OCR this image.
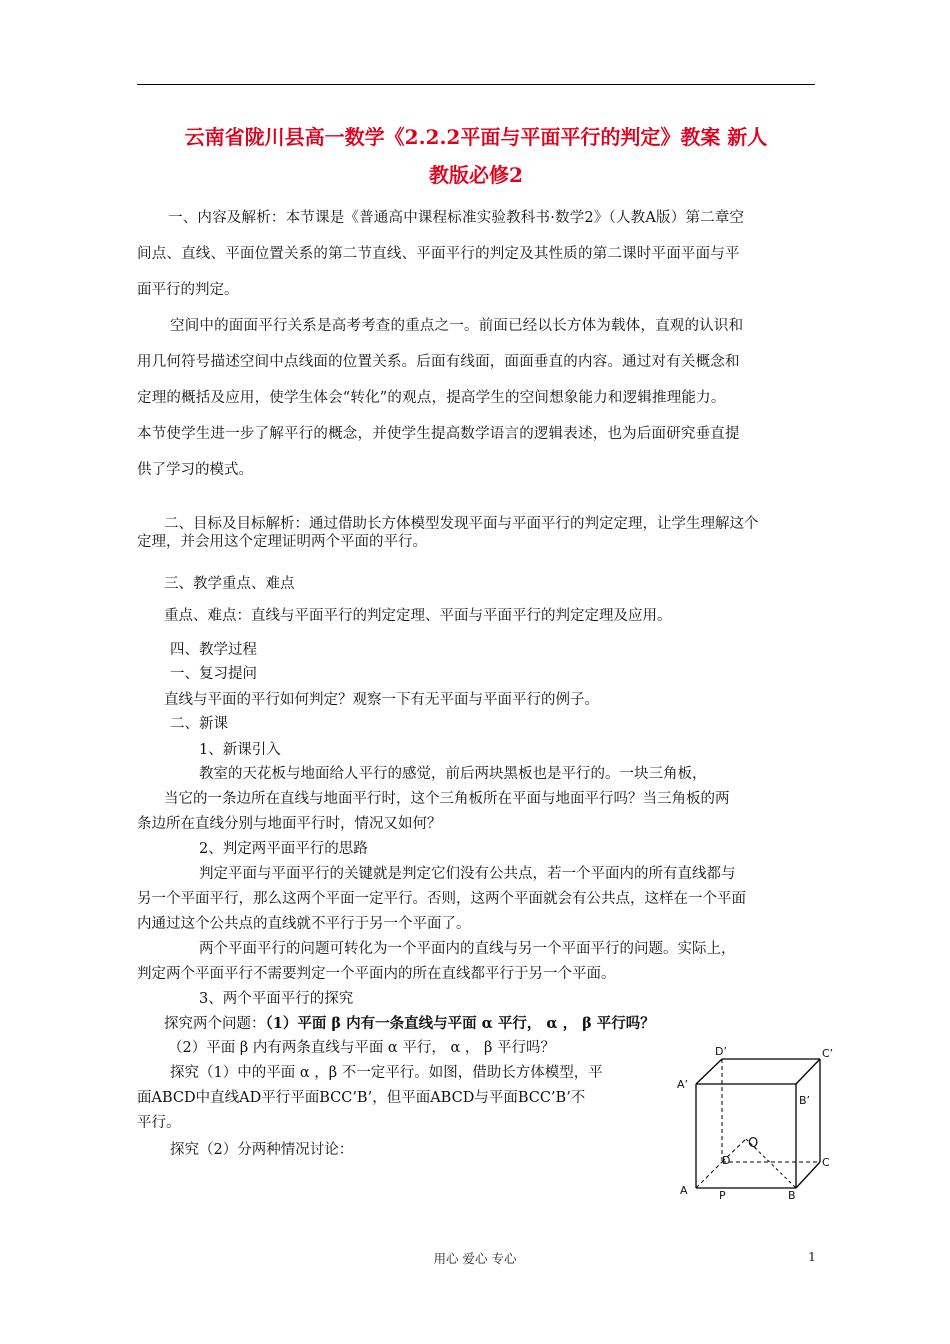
云南省陇川县高一数学《2.2.2平面与平面平行的判定》教案 新人
教版必修2
一、内容及解析：本节课是《普通高中课程标准实验教科书·数学2》（人教A版）第二章空
间点、直线、平面位置关系的第二节直线、平面平行的判定及其性质的第二课时平面平面与平
面平行的判定。
空间中的面面平行关系是高考考查的重点之一。前面已经以长方体为载体，直观的认识和
用几何符号描述空间中点线面的位置关系。后面有线面，面面垂直的内容。通过对有关概念和
定理的概括及应用，使学生体会“转化”的观点，提高学生的空间想象能力和逻辑推理能力。
本节使学生进一步了解平行的概念，并使学生提高数学语言的逻辑表述，也为后面研究垂直提
供了学习的模式。
二、目标及目标解析：通过借助长方体模型发现平面与平面平行的判定定理，让学生理解这个
定理，并会用这个定理证明两个平面的平行。
三、教学重点、难点
重点、难点：直线与平面平行的判定定理、平面与平面平行的判定定理及应用。
四、教学过程
一、复习提问
直线与平面的平行如何判定？观察一下有无平面与平面平行的例子。
二、新课
1、新课引入
教室的天花板与地面给人平行的感觉，前后两块黑板也是平行的。一块三角板，
当它的一条边所在直线与地面平行时，这个三角板所在平面与地面平行吗？当三角板的两
条边所在直线分别与地面平行时，情况又如何？
2、判定两平面平行的思路
判定平面与平面平行的关键就是判定它们没有公共点，若一个平面内的所有直线都与
另一个平面平行，那么这两个平面一定平行。否则，这两个平面就会有公共点，这样在一个平面
内通过这个公共点的直线就不平行于另一个平面了。
两个平面平行的问题可转化为一个平面内的直线与另一个平面平行的问题。实际上，
判定两个平面平行不需要判定一个平面内的所在直线都平行于另一个平面。
3、两个平面平行的探究
探究两个问题：（1）平面 β 内有一条直线与平面 α 平行， α ， β 平行吗？
（2）平面 β 内有两条直线与平面 α 平行， α ， β 平行吗？
探究（1）中的平面 α ，β 不一定平行。如图，借助长方体模型，平
面ABCD中直线AD平行平面BCC’B’，但平面ABCD与平面BCC’B’不
平行。
探究（2）分两种情况讨论：
D’	C’
A’
B’
Q
D	C
A	P	B
用心 爱心 专心	1
